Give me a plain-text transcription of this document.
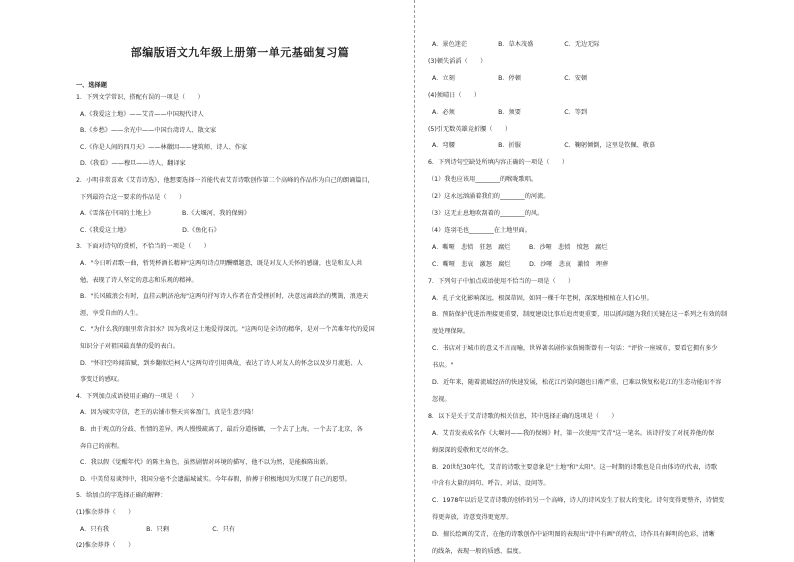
部编版语文九年级上册第一单元基础复习篇
一、选择题
1．下列文学常识，搭配有误的一项是（　　）
A.《我爱这土地》——艾青——中国现代诗人
B.《乡愁》——余光中——中国台湾诗人、散文家
C.《你是人间的四月天》——林徽因——建筑师、诗人、作家
D.《我看》——穆旦——诗人、翻译家
2．小明非常喜欢《艾青诗选》，他想要选择一首能代表艾青诗歌创作第二个高峰的作品作为自己的朗诵篇目，
下列最符合这一要求的作品是（　　）
A.《雪落在中国的土地上》　　　　　B.《大堰河，我的保姆》
C.《我爱这土地》　　　　　　　　　D.《鱼化石》
3．下面对诗句的赏析，不恰当的一项是（　　）
A．"今日听君歌一曲，暂凭杯酒长精神"这两句诗点明酬赠题意，既是对友人关怀的感谢，也是和友人共
勉，表现了诗人坚定的意志和乐观的精神。
B．"长风破浪会有时，直挂云帆济沧海"这两句抒写诗人作者在背受挫折时，决意远离政治的樊篱，浪迹天
涯，享受自由的人生。
C．"为什么我的眼里常含泪水？因为我对这土地爱得深沉。"这两句是全诗的精华，是对一个苦难年代的爱国
知识分子对祖国最真挚的爱的表白。
D．"怀旧空吟闻笛赋，到乡翻似烂柯人"这两句诗引用典故，表达了诗人对友人的怀念以及岁月流逝、人
事变迁的感叹。
4．下列加点成语使用正确的一项是（　　）
A．因为城实守信，老王的店铺市整天宾客盈门，真是生意兴隆！
B．由于观点的分歧、性情的差异，两人慢慢疏离了，最后分道扬镳，一个去了上海，一个去了北京，各
奔自己的前程。
C．我以假《觉醒年代》的陈主角色，虽然剧情对环境的描写，他不以为然，是能推陈出新。
D．中美贸易谈判中，我国分毫不会遗漏城诚实。今年春假，拚搏于积极地因为实现了自己的愿望。
5．给加点的字选择正确的解释：
(1)惟余莽莽（　　）
A．只有我　　　　　　B．只剩　　　　　　　C．只有
(2)惟余莽莽（　　）
A．景色迷茫　　　　　B．草木茂盛　　　　　C．无边无际
(3)顿失滔滔（　　）
A．立刻　　　　　　　B．停顿　　　　　　　C．安顿
(4)须晴日（　　）
A．必须　　　　　　　B．须要　　　　　　　C．等到
(5)引无数英雄竞折腰（　　）
A．弯腰　　　　　　　B．折服　　　　　　　C．鞠躬倾倒，这里是钦佩、敬慕
6．下列诗句空缺处所填内容正确的一项是（　　）
（1）我也应该用________的喉咙歌唱。
（2）这永远汹涌着我们的________的河流。
（3）这无止息地吹刮着的________的风。
（4）连羽毛也________在土地里面。
A．嘶哑　悲愤　狂怒　腐烂　　　B．沙哑　悲愤　愤怒　腐烂
C．嘶哑　悲哀　激怒　腐烂　　　D．沙哑　悲哀　激愤　埋葬
7．下列句子中加点成语使用不恰当的一项是（　　）
A．孔子文化影响深远，根深蒂固，如同一棵千年老树，深深地根植在人们心里。
B．预防保护优进治理接更重要，制度建设比事后追责更重要，用以抓问题为我们关键在这一系列之有效的制
度处理保障。
C．书店对于城市的意义不言而喻，世界著名剧作家詹姆斯曾有一句话："评价一座城市，要看它拥有多少
书店。"
D．近年来，随着流域经济的快速发展，松花江污染问题也日渐严重，已难以恢复松花江的生态功能而不容
忽视。
8．以下是关于艾青诗歌的相关信息，其中选择正确的选项是（　　）
A．艾青发表成名作《大堰河——我的保姆》时，第一次使用"艾青"这一笔名。该诗抒发了对抚养他的保
姆深深的爱敬和无尽的怀念。
B．20世纪30年代，艾青的诗歌主要意象是"土地"和"太阳"。这一时期的诗歌也是自由体诗的代表，诗歌
中含有大量的问句、呼告、对话、设问等。
C．1978年以后是艾青诗歌的创作的另一个高峰，诗人的诗风发生了很大的变化。诗句变得更整齐，诗情变
得更奔放，诗意变得更宽厚。
D．擅长绘画的艾青，在他的诗歌创作中证明图的表现出"诗中有画"的特点，诗作具有鲜明的色彩，清晰
的线条，表现一般的质感、温度。
